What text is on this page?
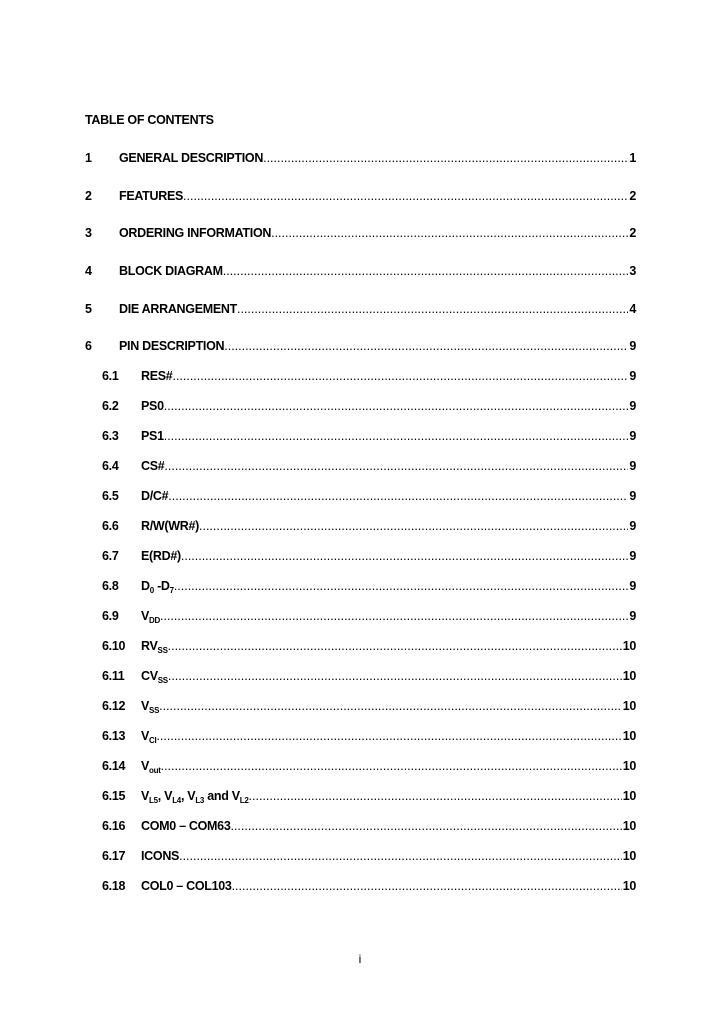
TABLE OF CONTENTS
1	GENERAL DESCRIPTION .....	1
2	FEATURES .....	2
3	ORDERING INFORMATION .....	2
4	BLOCK DIAGRAM .....	3
5	DIE ARRANGEMENT .....	4
6	PIN DESCRIPTION .....	9
6.1	RES# .....	9
6.2	PS0 .....	9
6.3	PS1 .....	9
6.4	CS# .....	9
6.5	D/C# .....	9
6.6	R/W(WR#) .....	9
6.7	E(RD#) .....	9
6.8	$D_0$ $-D_7$ .....	9
6.9	$V_{DD}$ .....	9
6.10	$RV_{SS}$ .....	10
6.11	$CV_{SS}$ .....	10
6.12	$V_{SS}$ .....	10
6.13	$V_{CI}$ .....	10
6.14	$V_{out}$ .....	10
6.15	$V_{L5}$, $V_{L4}$, $V_{L3}$ and $V_{L2}$ .....	10
6.16	COM0 – COM63 .....	10
6.17	ICONS .....	10
6.18	COL0 – COL103 .....	10
i
